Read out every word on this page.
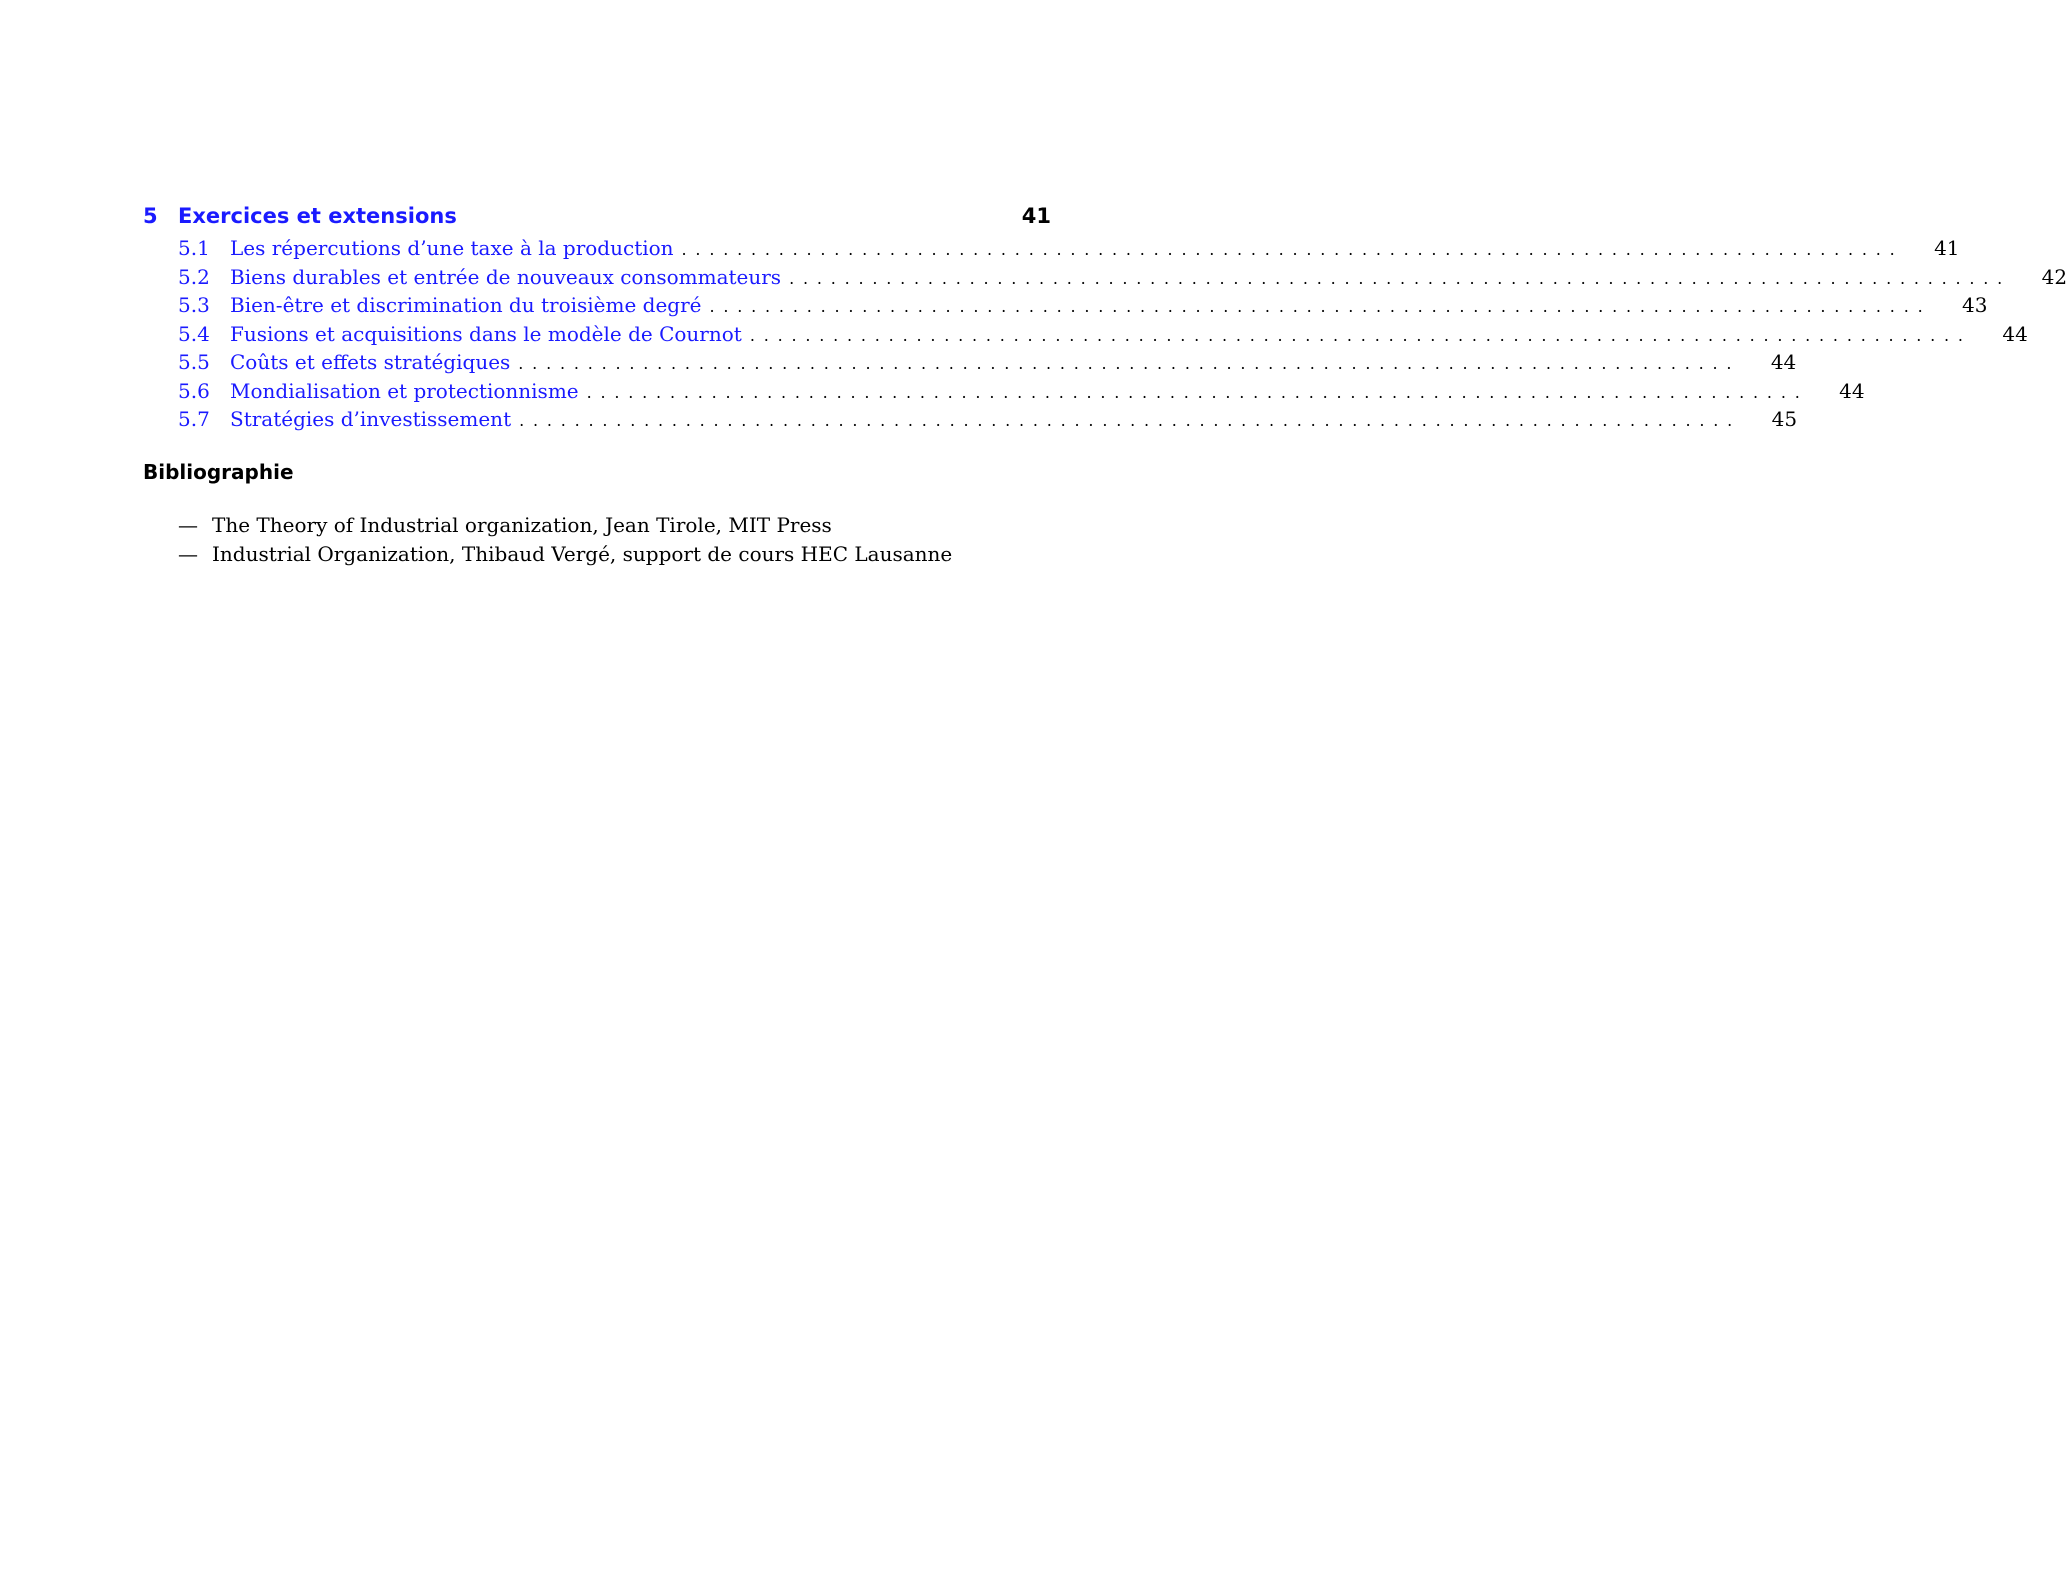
5 Exercices et extensions	41
5.1	Les répercutions d’une taxe à la production ........................................................................................ 41
5.2	Biens durables et entrée de nouveaux consommateurs ........................................................................................ 42
5.3	Bien-être et discrimination du troisième degré ........................................................................................ 43
5.4	Fusions et acquisitions dans le modèle de Cournot ........................................................................................ 44
5.5	Coûts et effets stratégiques ........................................................................................ 44
5.6	Mondialisation et protectionnisme ........................................................................................ 44
5.7	Stratégies d’investissement ........................................................................................ 45
Bibliographie
— The Theory of Industrial organization, Jean Tirole, MIT Press
— Industrial Organization, Thibaud Vergé, support de cours HEC Lausanne
